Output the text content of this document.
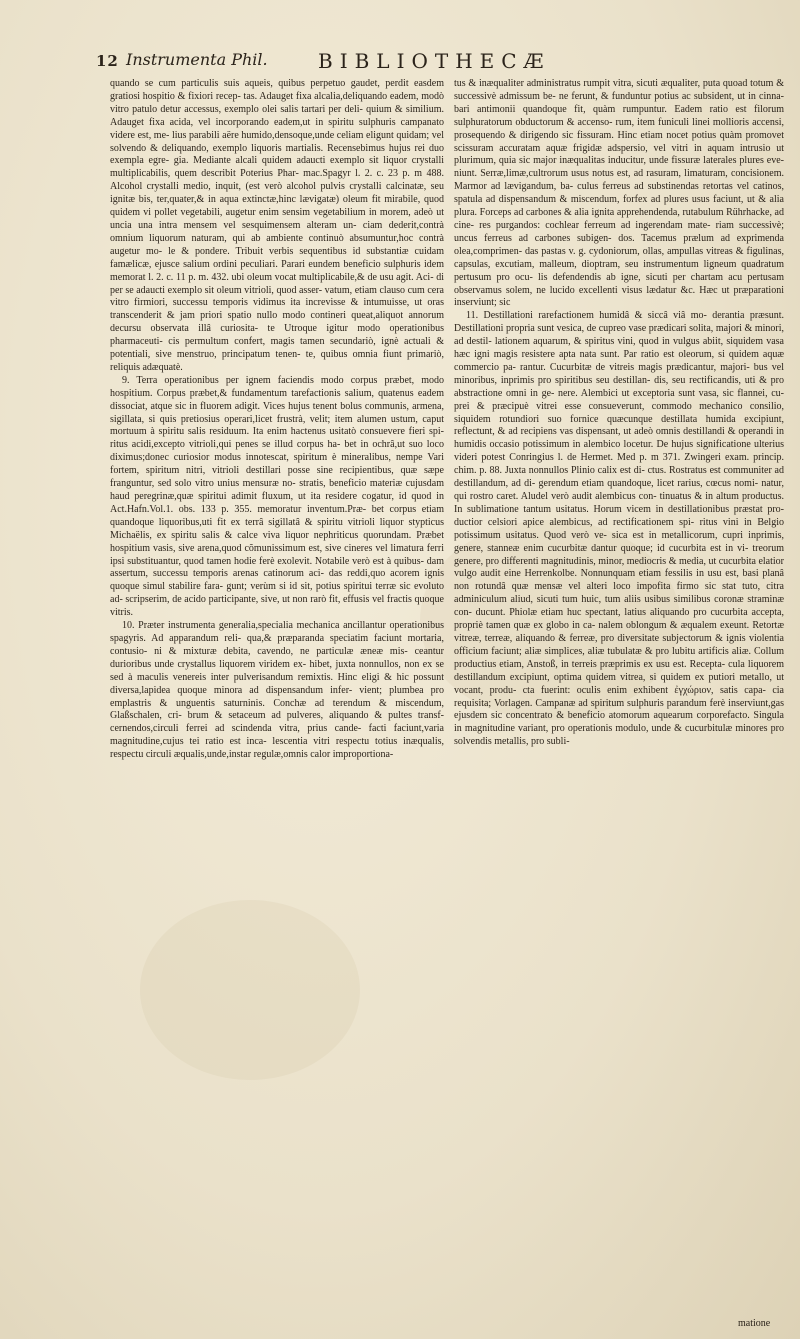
12 Instrumenta Phil.	BIBLIOTHECÆ

quando se cum particulis suis aqueis, quibus perpetuo gaudet, perdit easdem gratiosi hospitio & fixiori recep- tas. Adauget fixa alcalia,deliquando eadem, modò vitro patulo detur accessus, exemplo olei salis tartari per deli- quium & similium. Adauget fixa acida, vel incorporando eadem,ut in spiritu sulphuris campanato videre est, me- lius parabili aëre humido,densoque,unde celiam eligunt quidam; vel solvendo & deliquando, exemplo liquoris martialis. Recensebimus hujus rei duo exempla egre- gia. Mediante alcali quidem adaucti exemplo sit liquor crystalli multiplicabilis, quem describit Poterius Phar- mac.Spagyr l. 2. c. 23 p. m 488. Alcohol crystalli medio, inquit, (est verò alcohol pulvis crystalli calcinatæ, seu ignitæ bis, ter,quater,& in aqua extinctæ,hinc lævigatæ) oleum fit mirabile, quod quidem vi pollet vegetabili, augetur enim sensim vegetabilium in morem, adeò ut uncia una intra mensem vel sesquimensem alteram un- ciam dederit,contrà omnium liquorum naturam, qui ab ambiente continuò absumuntur,hoc contrà augetur mo- le & pondere. Tribuit verbis sequentibus id substantiæ cuidam famælicæ, ejusce salium ordini peculiari. Parari eundem beneficio sulphuris idem memorat l. 2. c. 11 p. m. 432. ubi oleum vocat multiplicabile,& de usu agit. Aci- di per se adaucti exemplo sit oleum vitrioli, quod asser- vatum, etiam clauso cum cera vitro firmiori, successu temporis vidimus ita increvisse & intumuisse, ut oras transcenderit & jam priori spatio nullo modo contineri queat,aliquot annorum decursu observata illâ curiosita- te Utroque igitur modo operationibus pharmaceuti- cis permultum confert, magis tamen secundariò, ignè actuali & potentiali, sive menstruo, principatum tenen- te, quibus omnia fiunt primariò, reliquis adæquatè.

9. Terra operationibus per ignem faciendis modo corpus præbet, modo hospitium. Corpus præbet,& fundamentum tarefactionis salium, quatenus eadem dissociat, atque sic in fluorem adigit. Vices hujus tenent bolus communis, armena, sigillata, si quis pretiosius operari,licet frustrà, velit; item alumen ustum, caput mortuum à spiritu salis residuum. Ita enim hactenus usitatò consuevere fieri spi- ritus acidi,excepto vitrioli,qui penes se illud corpus ha- bet in ochrâ,ut suo loco diximus;donec curiosior modus innotescat, spiritum è mineralibus, nempe Vari fortem, spiritum nitri, vitrioli destillari posse sine recipientibus, quæ sæpe franguntur, sed solo vitro unius mensuræ no- stratis, beneficio materiæ cujusdam haud peregrinæ,quæ spiritui adimit fluxum, ut ita residere cogatur, id quod in Act.Hafn.Vol.1. obs. 133 p. 355. memoratur inventum.Præ- bet corpus etiam quandoque liquoribus,uti fit ex terrâ sigillatâ & spiritu vitrioli liquor stypticus Michaëlis, ex spiritu salis & calce viva liquor nephriticus quorundam. Præbet hospitium vasis, sive arena,quod cõmunissimum est, sive cineres vel limatura ferri ipsi substituantur, quod tamen hodie ferè exolevit. Notabile verò est à quibus- dam assertum, successu temporis arenas catinorum aci- das reddi,quo acorem ignis quoque simul stabilire fara- gunt; verùm si id sit, potius spiritui terræ sic evoluto ad- scripserim, de acido participante, sive, ut non rarò fit, effusis vel fractis quoque vitris.

10. Præter instrumenta generalia,specialia mechanica ancillantur operationibus spagyris. Ad apparandum reli- qua,& præparanda speciatim faciunt mortaria, contusio- ni & mixturæ debita, cavendo, ne particulæ æneæ mis- ceantur durioribus unde crystallus liquorem viridem ex- hibet, juxta nonnullos, non ex se sed à maculis venereis inter pulverisandum remixtis. Hinc eligi & hic possunt diversa,lapidea quoque minora ad dispensandum infer- vient; plumbea pro emplastris & unguentis saturninis. Conchæ ad terendum & miscendum, Glaßschalen, cri- brum & setaceum ad pulveres, aliquando & pultes transf- cernendos,circuli ferrei ad scindenda vitra, prius cande- facti faciunt,varia magnitudine,cujus tei ratio est inca- lescentia vitri respectu totius inæqualis, respectu circuli æqualis,unde,instar regulæ,omnis calor improportiona-

tus & inæqualiter administratus rumpit vitra, sicuti æqualiter, puta quoad totum & successivè admissum be- ne ferunt, & funduntur potius ac subsident, ut in cinna- bari antimonii quandoque fit, quàm rumpuntur. Eadem ratio est filorum sulphuratorum obductorum & accenso- rum, item funiculi linei mollioris accensi, prosequendo & dirigendo sic fissuram. Hinc etiam nocet potius quàm promovet scissuram accuratam aquæ frigidæ adspersio, vel vitri in aquam intrusio ut plurimum, quia sic major inæqualitas inducitur, unde fissuræ laterales plures eve- niunt. Serræ,limæ,cultrorum usus notus est, ad rasuram, limaturam, concisionem. Marmor ad lævigandum, ba- culus ferreus ad substinendas retortas vel catinos, spatula ad dispensandum & miscendum, forfex ad plures usus faciunt, ut & alia plura. Forceps ad carbones & alia ignita apprehendenda, rutabulum Rührhacke, ad cine- res purgandos: cochlear ferreum ad ingerendam mate- riam successivè; uncus ferreus ad carbones subigen- dos. Tacemus prælum ad exprimenda olea,comprimen- das pastas v. g. cydoniorum, ollas, ampullas vitreas & figulinas, capsulas, excutiam, malleum, dioptram, seu instrumentum ligneum quadratum pertusum pro ocu- lis defendendis ab igne, sicuti per chartam acu pertusam observamus solem, ne lucido excellenti visus lædatur &c. Hæc ut præparationi inserviunt; sic

11. Destillationi rarefactionem humidâ & siccâ viâ mo- derantia præsunt. Destillationi propria sunt vesica, de cupreo vase prædicari solita, majori & minori, ad destil- lationem aquarum, & spiritus vini, quod in vulgus abiit, siquidem vasa hæc igni magis resistere apta nata sunt. Par ratio est oleorum, si quidem aquæ commercio pa- rantur. Cucurbitæ de vitreis magis prædicantur, majori- bus vel minoribus, inprimis pro spiritibus seu destillan- dis, seu rectificandis, uti & pro abstractione omni in ge- nere. Alembici ut exceptoria sunt vasa, sic flannei, cu- prei & præcipuè vitrei esse consueverunt, commodo mechanico consilio, siquidem rotundiori suo fornice quæcunque destillata humida excipiunt, reflectunt, & ad recipiens vas dispensant, ut adeò omnis destillandi & operandi in humidis occasio potissimum in alembico locetur. De hujus significatione ulterius videri potest Conringius l. de Hermet. Med p. m 371. Zwingeri exam. princip. chim. p. 88. Juxta nonnullos Plinio calix est di- ctus. Rostratus est communiter ad destillandum, ad di- gerendum etiam quandoque, licet rarius, cœcus nomi- natur, qui rostro caret. Aludel verò audit alembicus con- tinuatus & in altum productus. In sublimatione tantum usitatus. Horum vicem in destillationibus præstat pro- ductior celsiori apice alembicus, ad rectificationem spi- ritus vini in Belgio potissimum usitatus. Quod verò ve- sica est in metallicorum, cupri inprimis, genere, stanneæ enim cucurbitæ dantur quoque; id cucurbita est in vi- treorum genere, pro differenti magnitudinis, minor, mediocris & media, ut cucurbita elatior vulgo audit eine Herrenkolbe. Nonnunquam etiam fessilis in usu est, basi planâ non rotundâ quæ mensæ vel alteri loco impofita firmo sic stat tuto, citra adminiculum aliud, sicuti tum huic, tum aliis usibus similibus coronæ straminæ con- ducunt. Phiolæ etiam huc spectant, latius aliquando pro cucurbita accepta, propriè tamen quæ ex globo in ca- nalem oblongum & æqualem exeunt. Retortæ vitreæ, terreæ, aliquando & ferreæ, pro diversitate subjectorum & ignis violentia officium faciunt; aliæ simplices, aliæ tubulatæ & pro lubitu artificis aliæ. Collum productius etiam, Anstoß, in terreis præprimis ex usu est. Recepta- cula liquorem destillandum excipiunt, optima quidem vitrea, si quidem ex putiori metallo, ut vocant, produ- cta fuerint: oculis enim exhibent ἐγχώριον, satis capa- cia requisita; Vorlagen. Campanæ ad spiritum sulphuris parandum ferè inserviunt,gas ejusdem sic concentrato & beneficio atomorum aquearum corporefacto. Singula in magnitudine variant, pro operationis modulo, unde & cucurbitulæ minores pro solvendis metallis, pro subli-

matione
